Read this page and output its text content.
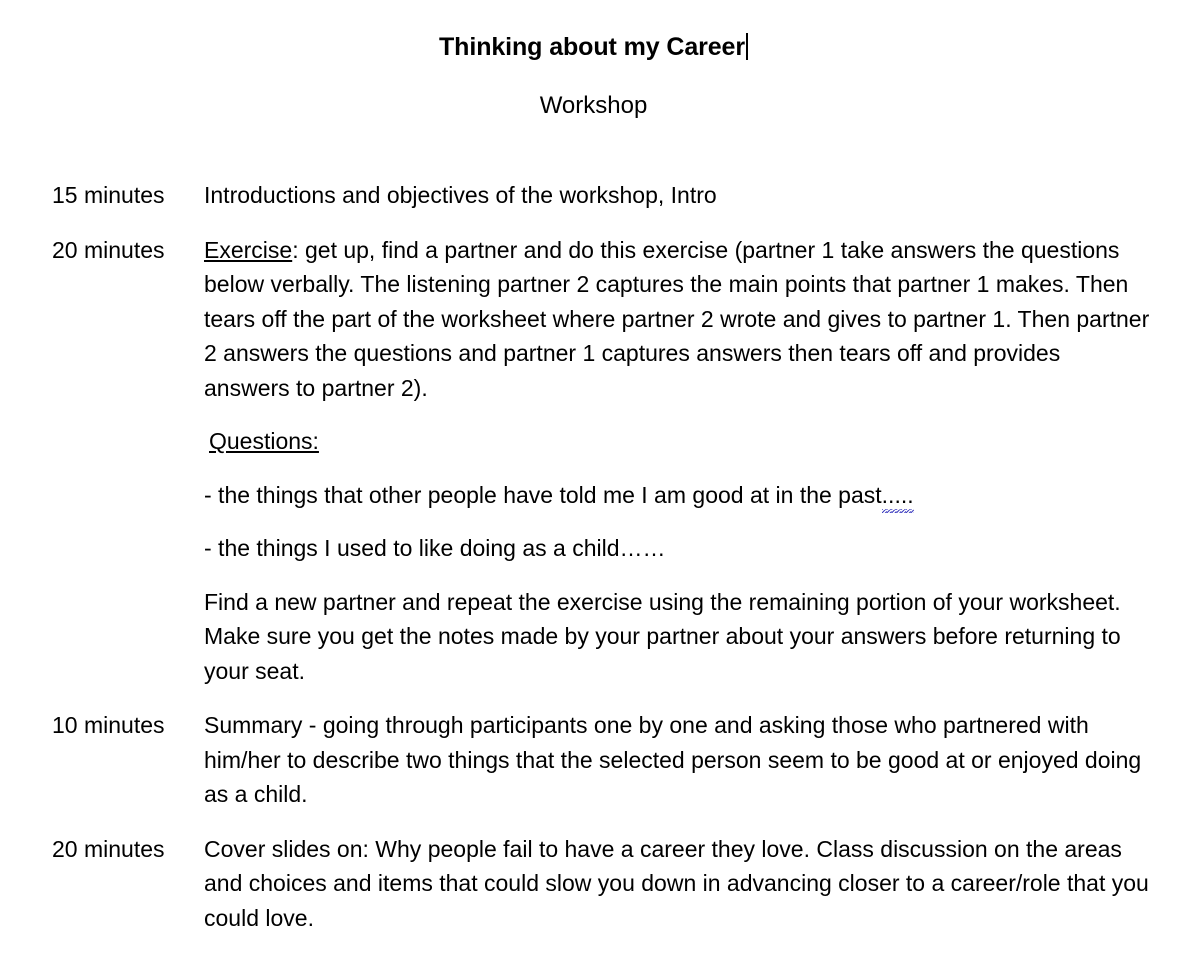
Thinking about my Career
Workshop
15 minutes	Introductions and objectives of the workshop, Intro

20 minutes	Exercise: get up, find a partner and do this exercise (partner 1 take answers the questions below verbally. The listening partner 2 captures the main points that partner 1 makes. Then tears off the part of the worksheet where partner 2 wrote and gives to partner 1. Then partner 2 answers the questions and partner 1 captures answers then tears off and provides answers to partner 2).

Questions:

- the things that other people have told me I am good at in the past.....

- the things I used to like doing as a child……

Find a new partner and repeat the exercise using the remaining portion of your worksheet. Make sure you get the notes made by your partner about your answers before returning to your seat.

10 minutes	Summary - going through participants one by one and asking those who partnered with him/her to describe two things that the selected person seem to be good at or enjoyed doing as a child.

20 minutes	Cover slides on: Why people fail to have a career they love. Class discussion on the areas and choices and items that could slow you down in advancing closer to a career/role that you could love.
